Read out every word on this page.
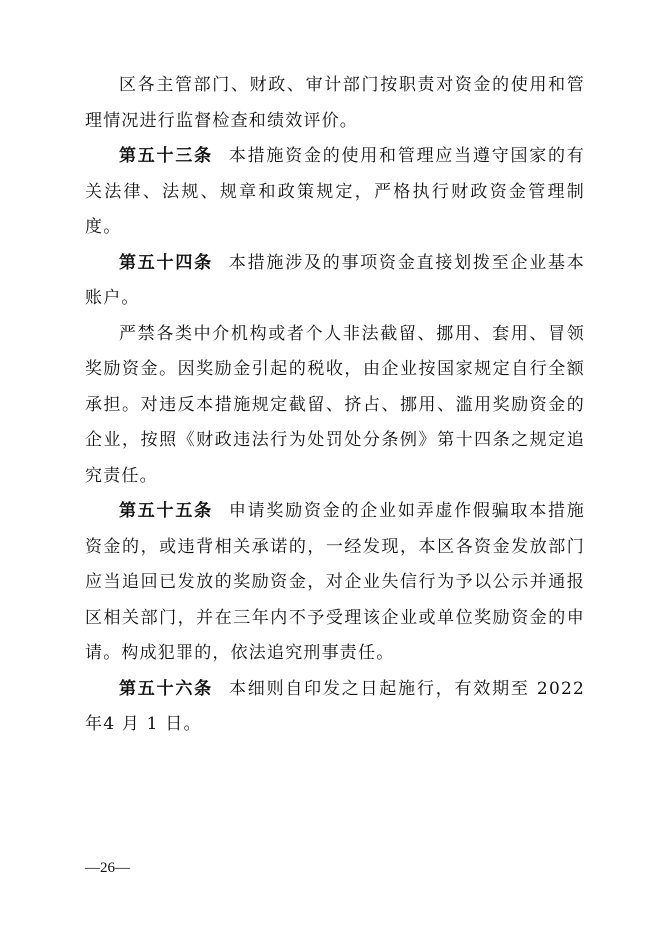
区各主管部门、财政、审计部门按职责对资金的使用和管理情况进行监督检查和绩效评价。

第五十三条 本措施资金的使用和管理应当遵守国家的有关法律、法规、规章和政策规定，严格执行财政资金管理制度。

第五十四条 本措施涉及的事项资金直接划拨至企业基本账户。

严禁各类中介机构或者个人非法截留、挪用、套用、冒领奖励资金。因奖励金引起的税收，由企业按国家规定自行全额承担。对违反本措施规定截留、挤占、挪用、滥用奖励资金的企业，按照《财政违法行为处罚处分条例》第十四条之规定追究责任。

第五十五条 申请奖励资金的企业如弄虚作假骗取本措施资金的，或违背相关承诺的，一经发现，本区各资金发放部门应当追回已发放的奖励资金，对企业失信行为予以公示并通报区相关部门，并在三年内不予受理该企业或单位奖励资金的申请。构成犯罪的，依法追究刑事责任。

第五十六条 本细则自印发之日起施行，有效期至 2022 年4 月 1 日。

—26—
